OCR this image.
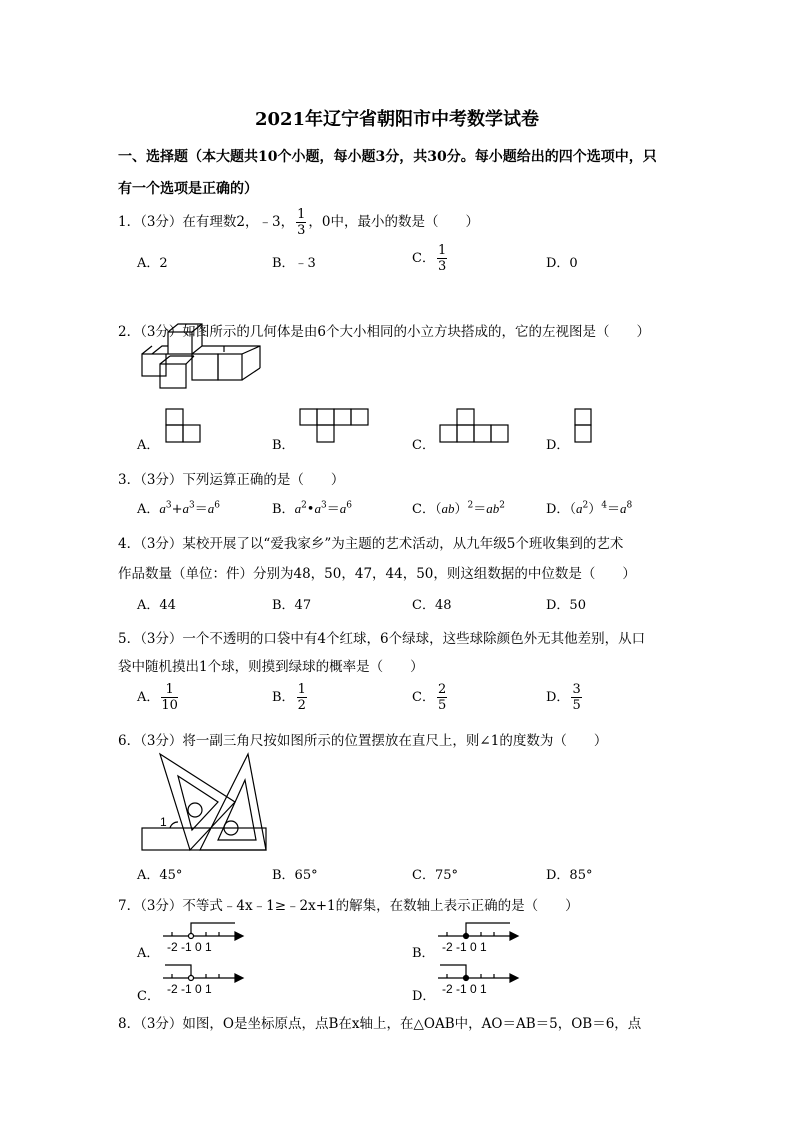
2021年辽宁省朝阳市中考数学试卷
一、选择题（本大题共10个小题，每小题3分，共30分。每小题给出的四个选项中，只
有一个选项是正确的）
1．（3分）在有理数2，﹣3， $\frac{1}{3}$ ，0中，最小的数是（　　）
A．2	B．﹣3	C． $\frac{1}{3}$	D．0
2．（3分）如图所示的几何体是由6个大小相同的小立方块搭成的，它的左视图是（　　）
A．	B．	C．	D．
3．（3分）下列运算正确的是（　　）
A．$a^3+a^3=a^6$	B．$a^2•a^3=a^6$	C．$(ab)^2=ab^2$	D．$(a^2)^4=a^8$
4．（3分）某校开展了以“爱我家乡”为主题的艺术活动，从九年级5个班收集到的艺术
作品数量（单位：件）分别为48，50，47，44，50，则这组数据的中位数是（　　）
A．44	B．47	C．48	D．50
5．（3分）一个不透明的口袋中有4个红球，6个绿球，这些球除颜色外无其他差别，从口
袋中随机摸出1个球，则摸到绿球的概率是（　　）
A． $\frac{1}{10}$	B． $\frac{1}{2}$	C． $\frac{2}{5}$	D． $\frac{3}{5}$
6．（3分）将一副三角尺按如图所示的位置摆放在直尺上，则∠1的度数为（　　）
1
A．45°	B．65°	C．75°	D．85°
7．（3分）不等式﹣4x﹣1≥﹣2x+1的解集，在数轴上表示正确的是（　　）
A． -2 -1 0 1	B． -2 -1 0 1
C． -2 -1 0 1	D． -2 -1 0 1
8．（3分）如图，O是坐标原点，点B在x轴上，在△OAB中，AO＝AB＝5，OB＝6，点
